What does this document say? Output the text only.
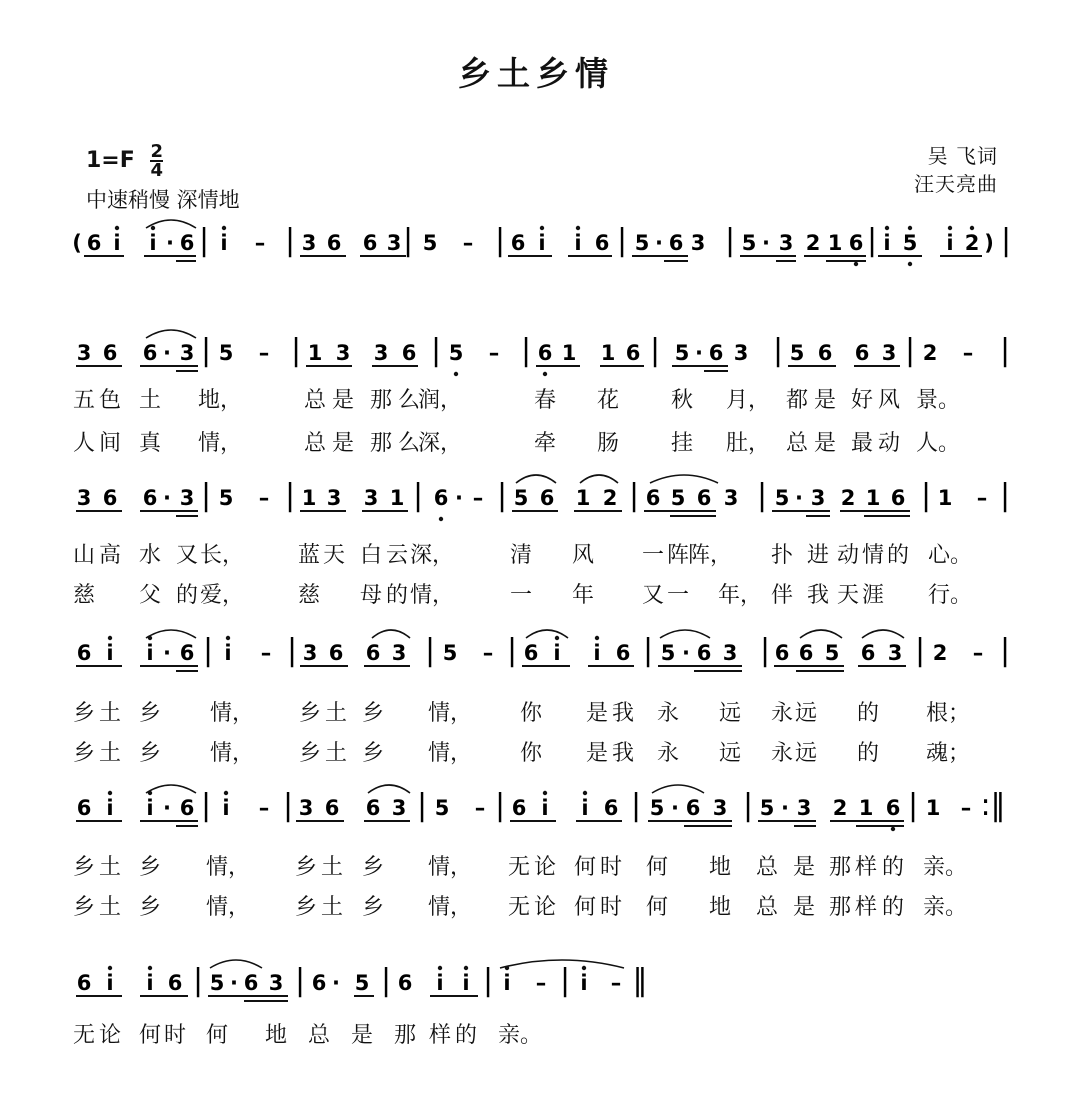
乡土乡情
$1=F \frac{2}{4}$
中速稍慢 深情地
吴 飞词
汪天亮曲
( 6 i i · 6 | i – | 3 6 6 3 | 5 – | 6 i i 6 | 5 · 6 3 | 5 · 3 2 1 6 | i 5 i 2 ) |
3 6 6 · 3 | 5 – | 1 3 3 6 | 5 – | 6 1 1 6 | 5 · 6 3 | 5 6 6 3 | 2 – |
五 色 土 地，	总 是 那 么
润，	春 花 秋 月， 都 是 好 风 景。
人 间 真 情，	总 是 那 么
深，	牵 肠 挂 肚， 总 是 最 动 人。
3 6 6 · 3 | 5 – | 1 3 3 1 | 6 · – | 5 6 1 2 | 6 5 6 3 | 5 · 3 2 1 6 | 1 – |
山 高 水 又 长， 蓝 天 白 云 深，	清 风 一 阵
阵， 扑 进 动 情 的 心。
慈 父 的 爱， 慈 母 的 情，	一 年 又 一 年， 伴 我 天 涯 行。
6 i i · 6 | i – | 3 6 6 3 | 5 – | 6 i i 6 | 5 · 6 3 | 6 6 5 6 3 | 2 – |
乡 土 乡 情， 乡 土 乡 情， 你 是 我 永 远 永 远 的 根；
乡 土 乡 情， 乡 土 乡 情， 你 是 我 永 远 永 远 的 魂；
6 i i · 6 | i – | 3 6 6 3 | 5 – | 6 i i 6 | 5 · 6 3 | 5 · 3 2 1 6 | 1 – :‖
乡 土 乡 情， 乡 土 乡 情， 无 论 何 时 何 地 总 是 那 样 的 亲。
乡 土 乡 情， 乡 土 乡 情， 无 论 何 时 何 地 总 是 那 样 的 亲。
6 i i 6 | 5 · 6 3 | 6 · 5 | 6 i i | i – | i – ‖
无 论 何 时 何 地 总 是 那 样 的 亲。
